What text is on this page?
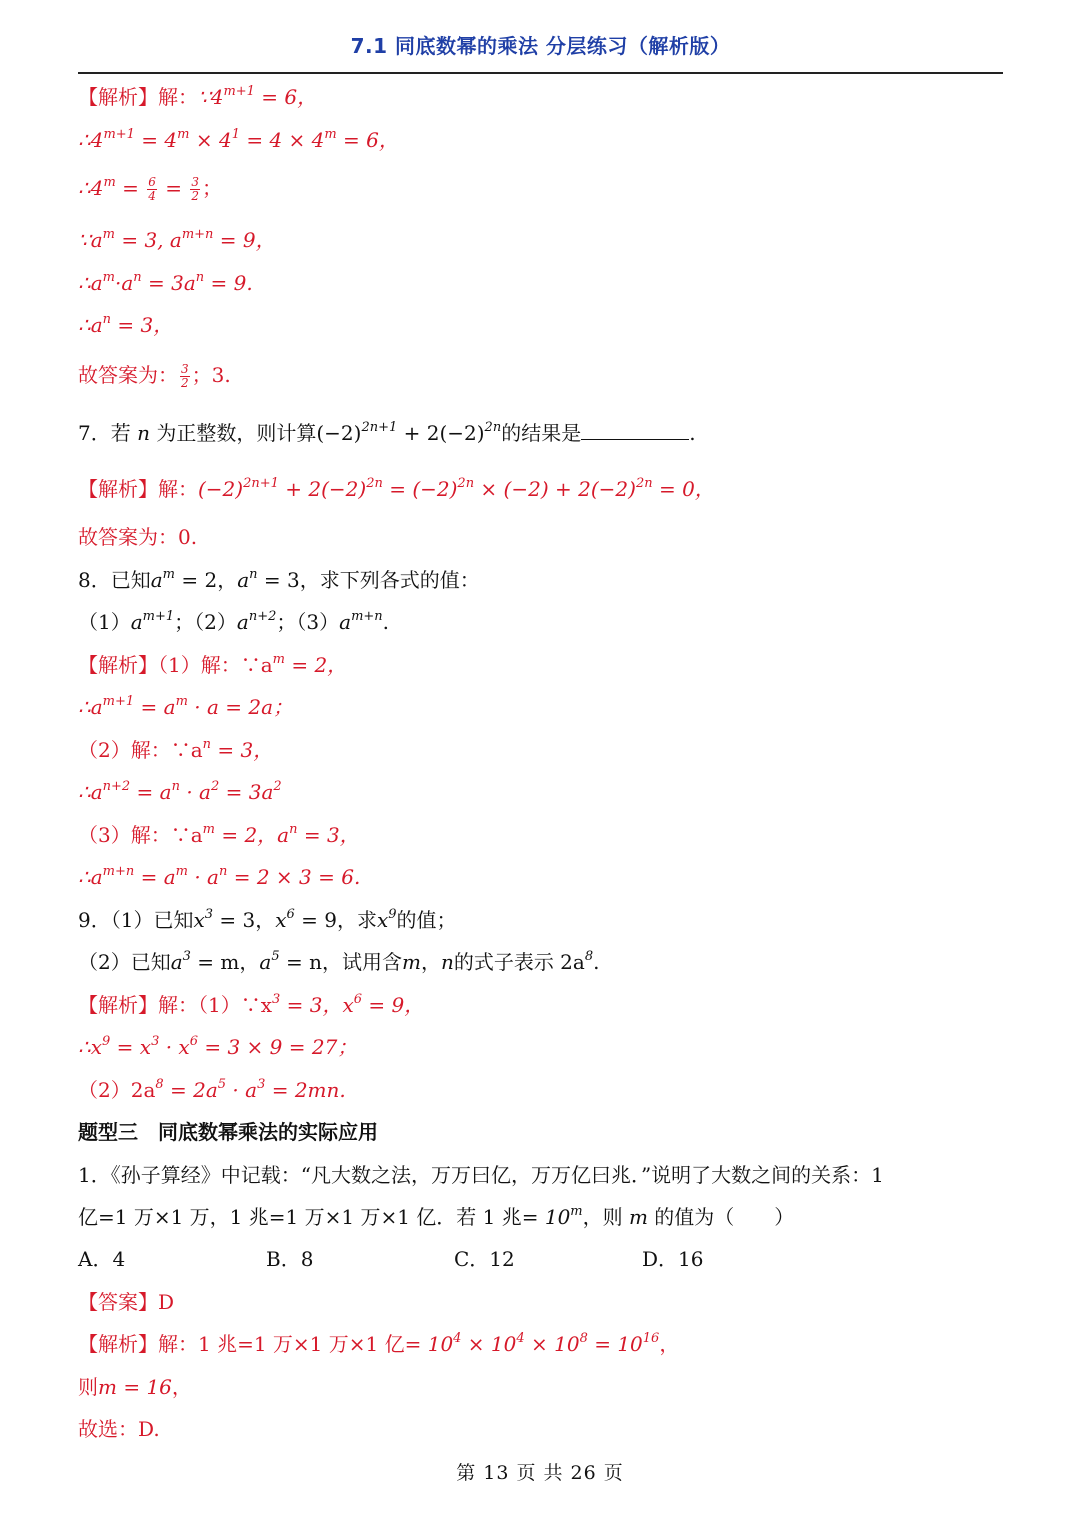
7.1 同底数幂的乘法 分层练习（解析版）
【解析】解：$\because 4^{m+1} = 6$，
$\therefore 4^{m+1} = 4^m \times 4^1 = 4 \times 4^m = 6$，
$\therefore 4^m = \frac{6}{4} = \frac{3}{2}$ ；
$\because a^m = 3$, $a^{m+n} = 9$，
$\therefore a^m\cdot a^n = 3a^n = 9$.
$\therefore a^n = 3$，
故答案为： $\frac{3}{2}$ ；3.
7．若 n 为正整数，则计算$(-2)^{2n+1} + 2(-2)^{2n}$的结果是	.
【解析】解：$(-2)^{2n+1} + 2(-2)^{2n} = (-2)^{2n} \times (-2) + 2(-2)^{2n} = 0$，
故答案为：0.
8．已知$a^m = 2$，$a^n = 3$，求下列各式的值：
$(1)a^{m+1}$；$(2)a^{n+2}$；$(3)a^{m+n}$.
【解析】（1）解：$\because a^m = 2$，
$\therefore a^{m+1} = a^m \cdot a = 2a$；
（2）解：$\because a^n = 3$，
$\therefore a^{n+2} = a^n \cdot a^2 = 3a^2$
（3）解：$\because a^m = 2$，$a^n = 3$，
$\therefore a^{m+n} = a^m \cdot a^n = 2 \times 3 = 6$.
9．（1）已知$x^3 = 3$，$x^6 = 9$，求$x^9$的值；
（2）已知$a^3 = m$，$a^5 = n$，试用含m，n的式子表示 $2a^8$.
【解析】解：$(1)\because x^3 = 3$，$x^6 = 9$，
$\therefore x^9 = x^3 \cdot x^6 = 3 \times 9 = 27$；
$(2)2a^8 = 2a^5 \cdot a^3 = 2mn$.
题型三　同底数幂乘法的实际应用
1．《孙子算经》中记载：“凡大数之法，万万曰亿，万万亿曰兆．”说明了大数之间的关系：1
亿=1 万×1 万，1 兆=1 万×1 万×1 亿．若 1 兆= $10^m$，则 m 的值为（　　）
A．4	B．8	C．12	D．16
【答案】D
【解析】解：1 兆=1 万×1 万×1 亿= $10^4 \times 10^4 \times 10^8 = 10^{16}$，
则m = 16，
故选：D.
第 13 页 共 26 页
